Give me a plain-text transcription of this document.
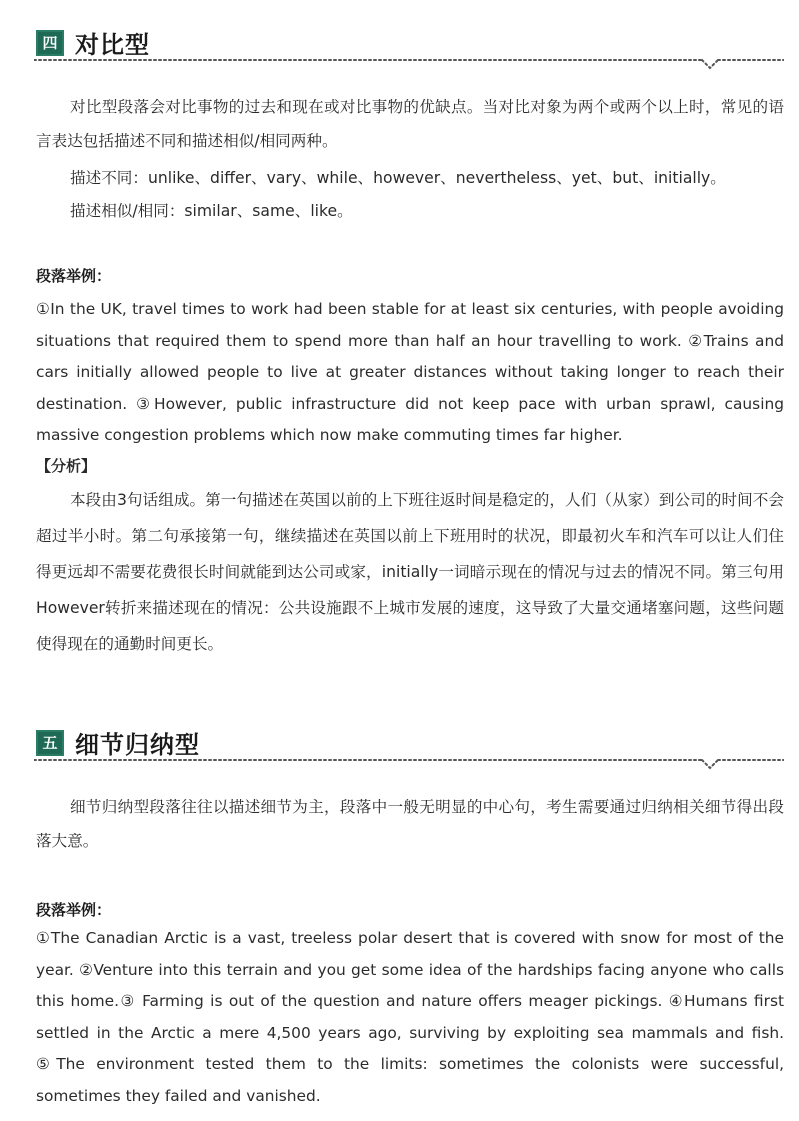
四 对比型
对比型段落会对比事物的过去和现在或对比事物的优缺点。当对比对象为两个或两个以上时，常见的语言表达包括描述不同和描述相似/相同两种。
描述不同：unlike、differ、vary、while、however、nevertheless、yet、but、initially。
描述相似/相同：similar、same、like。
段落举例：
①In the UK, travel times to work had been stable for at least six centuries, with people avoiding situations that required them to spend more than half an hour travelling to work. ②Trains and cars initially allowed people to live at greater distances without taking longer to reach their destination. ③However, public infrastructure did not keep pace with urban sprawl, causing massive congestion problems which now make commuting times far higher.
【分析】
本段由3句话组成。第一句描述在英国以前的上下班往返时间是稳定的，人们（从家）到公司的时间不会超过半小时。第二句承接第一句，继续描述在英国以前上下班用时的状况，即最初火车和汽车可以让人们住得更远却不需要花费很长时间就能到达公司或家，initially一词暗示现在的情况与过去的情况不同。第三句用However转折来描述现在的情况：公共设施跟不上城市发展的速度，这导致了大量交通堵塞问题，这些问题使得现在的通勤时间更长。
五 细节归纳型
细节归纳型段落往往以描述细节为主，段落中一般无明显的中心句，考生需要通过归纳相关细节得出段落大意。
段落举例：
①The Canadian Arctic is a vast, treeless polar desert that is covered with snow for most of the year. ②Venture into this terrain and you get some idea of the hardships facing anyone who calls this home.③ Farming is out of the question and nature offers meager pickings. ④Humans first settled in the Arctic a mere 4,500 years ago, surviving by exploiting sea mammals and fish. ⑤The environment tested them to the limits: sometimes the colonists were successful, sometimes they failed and vanished.
